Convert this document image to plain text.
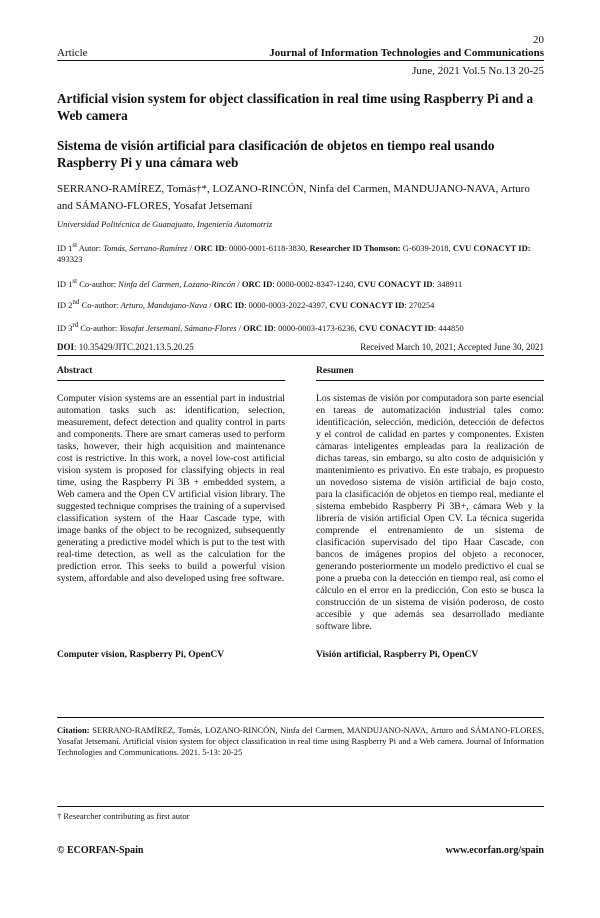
20
Article	Journal of Information Technologies and Communications
June, 2021 Vol.5 No.13 20-25
Artificial vision system for object classification in real time using Raspberry Pi and a Web camera
Sistema de visión artificial para clasificación de objetos en tiempo real usando Raspberry Pi y una cámara web
SERRANO-RAMÍREZ, Tomás†*, LOZANO-RINCÓN, Ninfa del Carmen, MANDUJANO-NAVA, Arturo and SÁMANO-FLORES, Yosafat Jetsemaní
Universidad Politécnica de Guanajuato, Ingeniería Automotriz
ID 1st Autor: Tomás, Serrano-Ramírez / ORC ID: 0000-0001-6118-3830, Researcher ID Thomson: G-6039-2018, CVU CONACYT ID: 493323
ID 1st Co-author: Ninfa del Carmen, Lozano-Rincón / ORC ID: 0000-0002-8347-1240, CVU CONACYT ID: 348911
ID 2nd Co-author: Arturo, Mandujano-Nava / ORC ID: 0000-0003-2022-4397, CVU CONACYT ID: 270254
ID 3rd Co-author: Yosafat Jetsemaní, Sámano-Flores / ORC ID: 0000-0003-4173-6236, CVU CONACYT ID: 444850
DOI: 10.35429/JITC.2021.13.5.20.25	Received March 10, 2021; Accepted June 30, 2021
Abstract

Computer vision systems are an essential part in industrial automation tasks such as: identification, selection, measurement, defect detection and quality control in parts and components. There are smart cameras used to perform tasks, however, their high acquisition and maintenance cost is restrictive. In this work, a novel low-cost artificial vision system is proposed for classifying objects in real time, using the Raspberry Pi 3B + embedded system, a Web camera and the Open CV artificial vision library. The suggested technique comprises the training of a supervised classification system of the Haar Cascade type, with image banks of the object to be recognized, subsequently generating a predictive model which is put to the test with real-time detection, as well as the calculation for the prediction error. This seeks to build a powerful vision system, affordable and also developed using free software.

Resumen

Los sistemas de visión por computadora son parte esencial en tareas de automatización industrial tales como: identificación, selección, medición, detección de defectos y el control de calidad en partes y componentes. Existen cámaras inteligentes empleadas para la realización de dichas tareas, sin embargo, su alto costo de adquisición y mantenimiento es privativo. En este trabajo, es propuesto un novedoso sistema de visión artificial de bajo costo, para la clasificación de objetos en tiempo real, mediante el sistema embebido Raspberry Pi 3B+, cámara Web y la librería de visión artificial Open CV. La técnica sugerida comprende el entrenamiento de un sistema de clasificación supervisado del tipo Haar Cascade, con bancos de imágenes propios del objeto a reconocer, generando posteriormente un modelo predictivo el cual se pone a prueba con la detección en tiempo real, así como el cálculo en el error en la predicción, Con esto se busca la construcción de un sistema de visión poderoso, de costo accesible y que además sea desarrollado mediante software libre.

Computer vision, Raspberry Pi, OpenCV	Visión artificial, Raspberry Pi, OpenCV
Citation: SERRANO-RAMÍREZ, Tomás, LOZANO-RINCÓN, Ninfa del Carmen, MANDUJANO-NAVA, Arturo and SÁMANO-FLORES, Yosafat Jetsemaní. Artificial vision system for object classification in real time using Raspberry Pi and a Web camera. Journal of Information Technologies and Communications. 2021. 5-13: 20-25
† Researcher contributing as first autor
© ECORFAN-Spain	www.ecorfan.org/spain
